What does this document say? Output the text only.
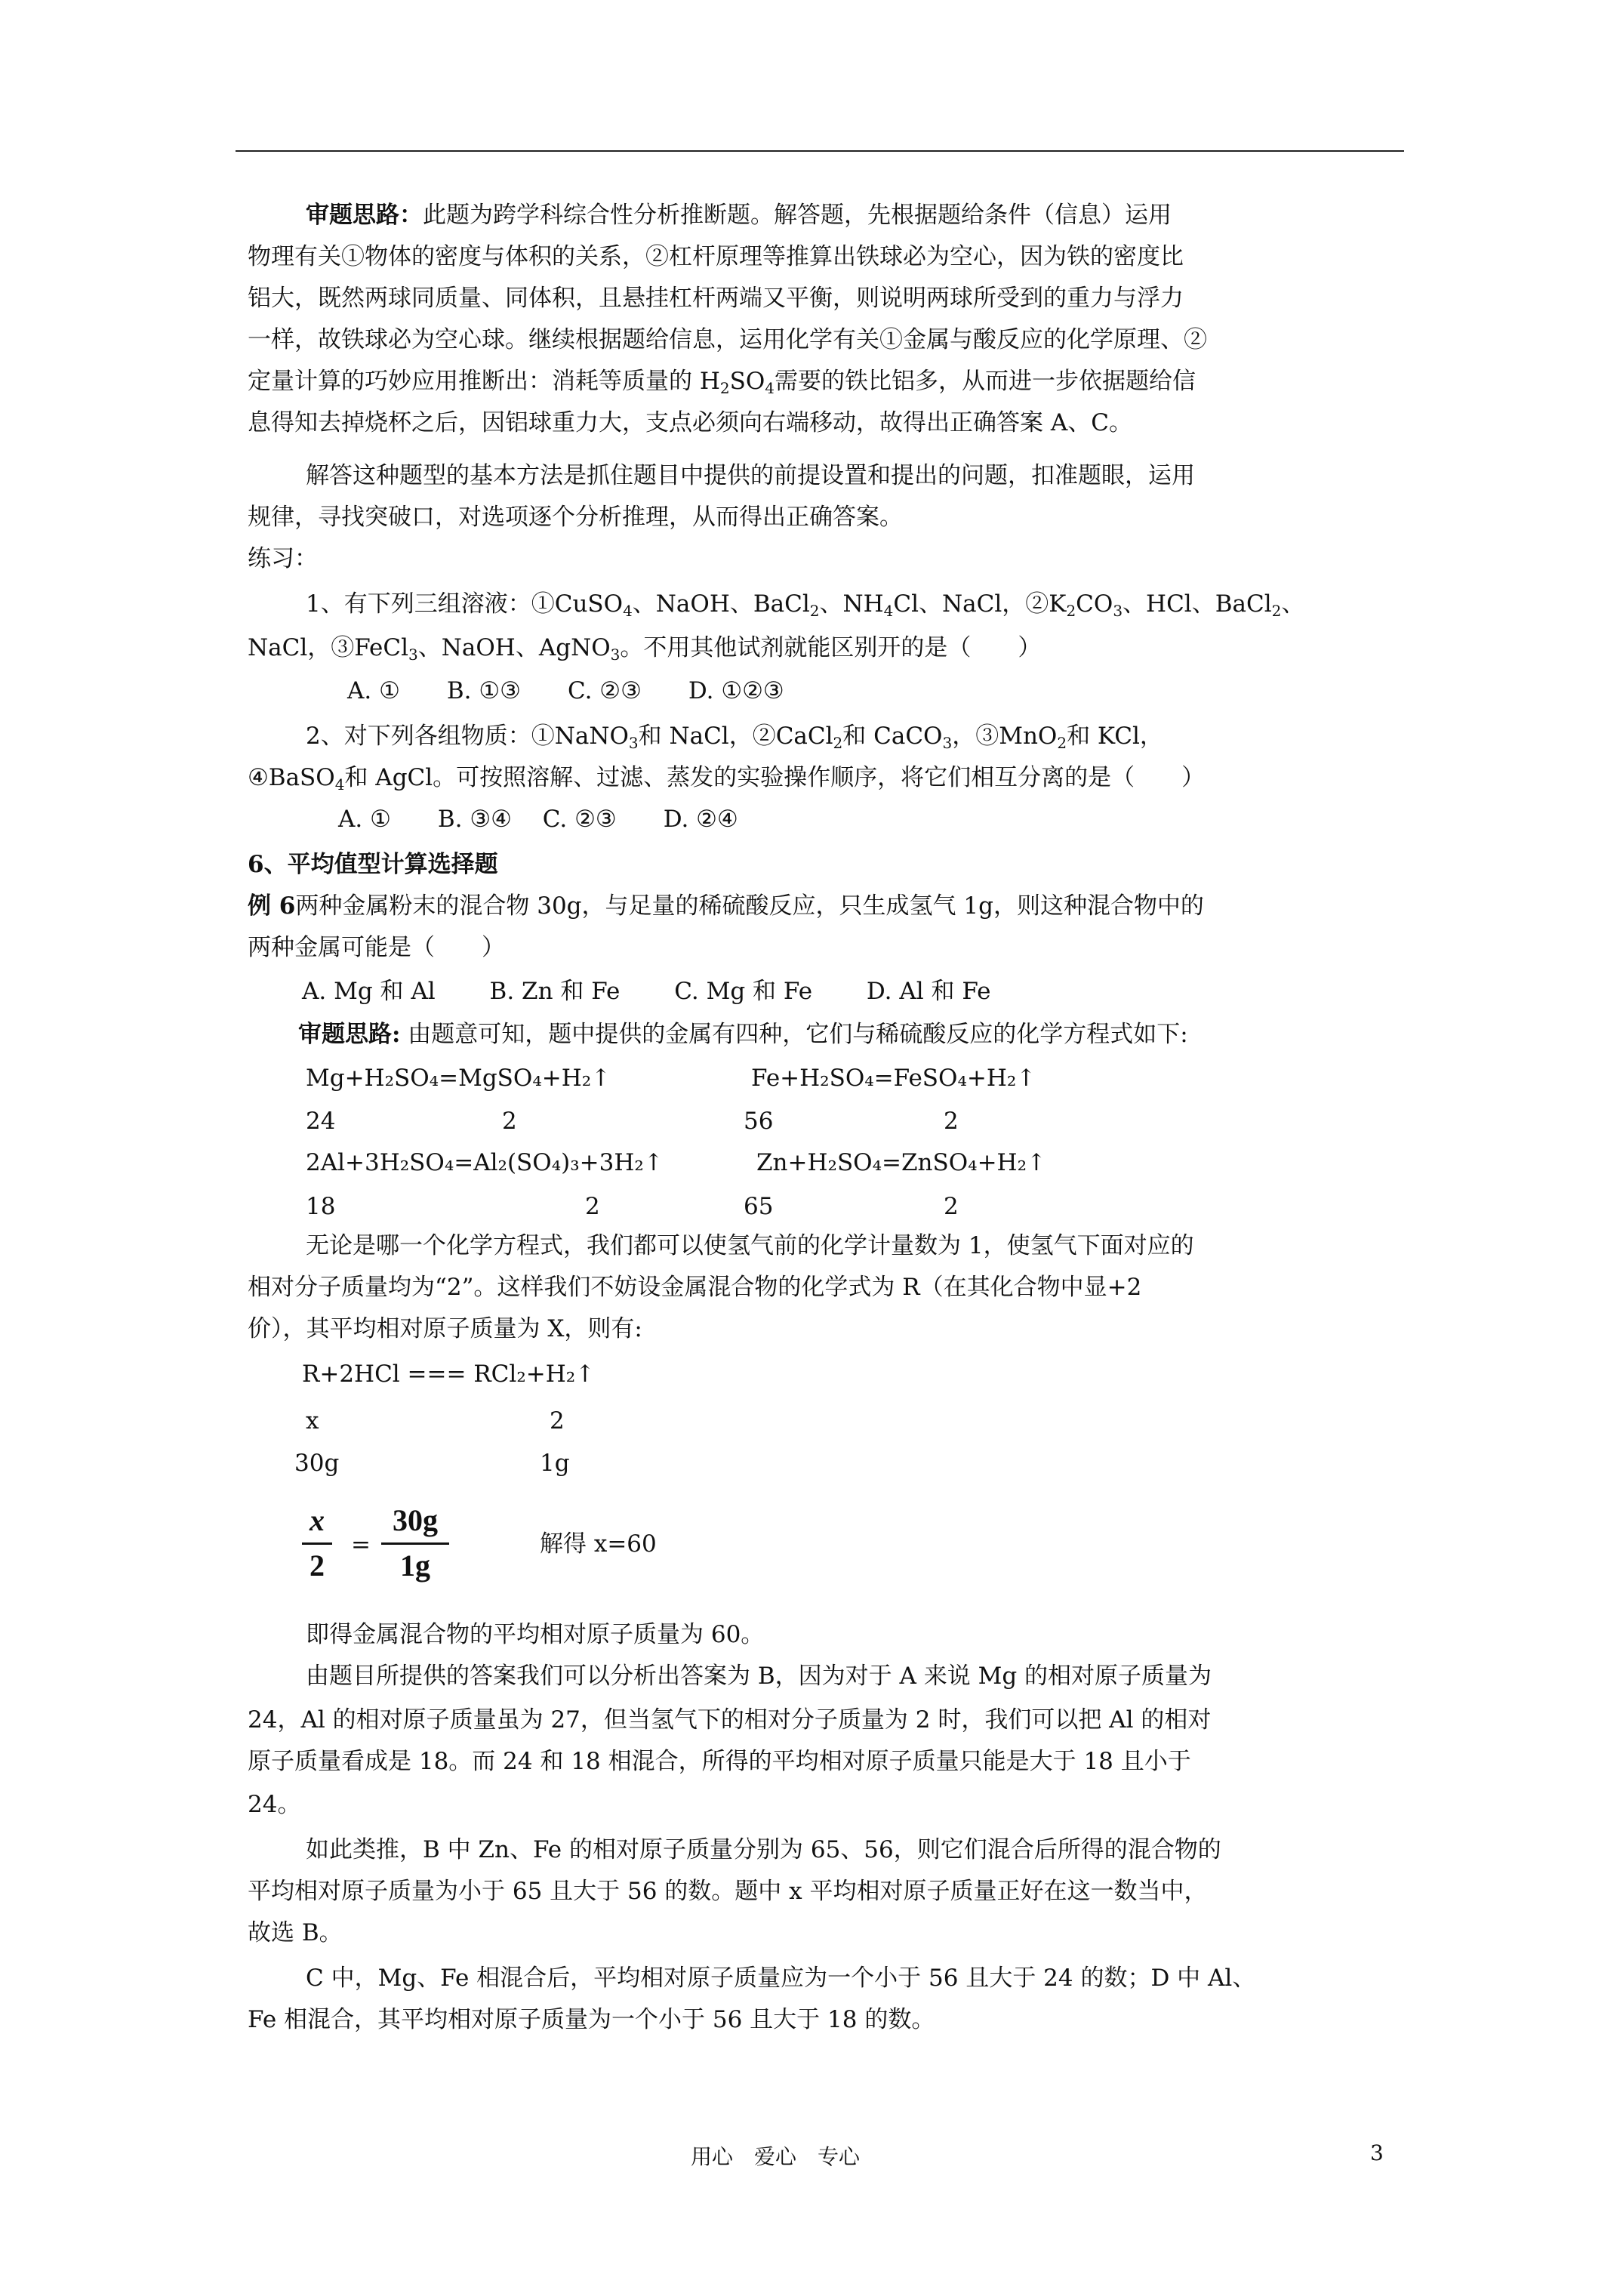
审题思路：此题为跨学科综合性分析推断题。解答题，先根据题给条件（信息）运用
物理有关①物体的密度与体积的关系，②杠杆原理等推算出铁球必为空心，因为铁的密度比
铝大，既然两球同质量、同体积，且悬挂杠杆两端又平衡，则说明两球所受到的重力与浮力
一样，故铁球必为空心球。继续根据题给信息，运用化学有关①金属与酸反应的化学原理、②
定量计算的巧妙应用推断出：消耗等质量的 $H_2SO_4$需要的铁比铝多，从而进一步依据题给信
息得知去掉烧杯之后，因铝球重力大，支点必须向右端移动，故得出正确答案 A、C。
解答这种题型的基本方法是抓住题目中提供的前提设置和提出的问题，扣准题眼，运用
规律，寻找突破口，对选项逐个分析推理，从而得出正确答案。
练习：
1、有下列三组溶液：①CuSO$_4$、NaOH、BaCl$_2$、$NH_4Cl$、NaCl，$②K_2CO_3$、HCl、BaCl$_2$、
NaCl，③FeCl$_3$、NaOH、AgNO$_3$。不用其他试剂就能区别开的是（　　）
A. ①　　B. ①③　　C. ②③　　D. ①②③
2、对下列各组物质：①NaNO$_3$和 NaCl，②CaCl$_2$和 CaCO$_3$，③MnO$_2$和 KCl，
④BaSO$_4$和 AgCl。可按照溶解、过滤、蒸发的实验操作顺序，将它们相互分离的是（　　）
A. ①　　B. ③④　 C. ②③　　D. ②④
6、平均值型计算选择题
例 6两种金属粉末的混合物 30g，与足量的稀硫酸反应，只生成氢气 1g，则这种混合物中的
两种金属可能是（　　）
A. Mg 和 Al　　 B. Zn 和 Fe　　 C. Mg 和 Fe　　 D. Al 和 Fe
审题思路: 由题意可知，题中提供的金属有四种，它们与稀硫酸反应的化学方程式如下:
Mg+H₂SO₄=MgSO₄+H₂↑	Fe+H₂SO₄=FeSO₄+H₂↑
24	2	56	2
2Al+3H₂SO₄=Al₂(SO₄)₃+3H₂↑	Zn+H₂SO₄=ZnSO₄+H₂↑
18	2	65	2
无论是哪一个化学方程式，我们都可以使氢气前的化学计量数为 1，使氢气下面对应的
相对分子质量均为“2”。这样我们不妨设金属混合物的化学式为 R（在其化合物中显+2
价），其平均相对原子质量为 X，则有:
R+2HCl === RCl₂+H₂↑
x	2
30g	1g
x
2
=
30g
1g
解得 x=60
即得金属混合物的平均相对原子质量为 60。
由题目所提供的答案我们可以分析出答案为 B，因为对于 A 来说 Mg 的相对原子质量为
24，Al 的相对原子质量虽为 27，但当氢气下的相对分子质量为 2 时，我们可以把 Al 的相对
原子质量看成是 18。而 24 和 18 相混合，所得的平均相对原子质量只能是大于 18 且小于
24。
如此类推，B 中 Zn、Fe 的相对原子质量分别为 65、56，则它们混合后所得的混合物的
平均相对原子质量为小于 65 且大于 56 的数。题中 x 平均相对原子质量正好在这一数当中，
故选 B。
C 中，Mg、Fe 相混合后，平均相对原子质量应为一个小于 56 且大于 24 的数；D 中 Al、
Fe 相混合，其平均相对原子质量为一个小于 56 且大于 18 的数。
用心　爱心　专心	3
